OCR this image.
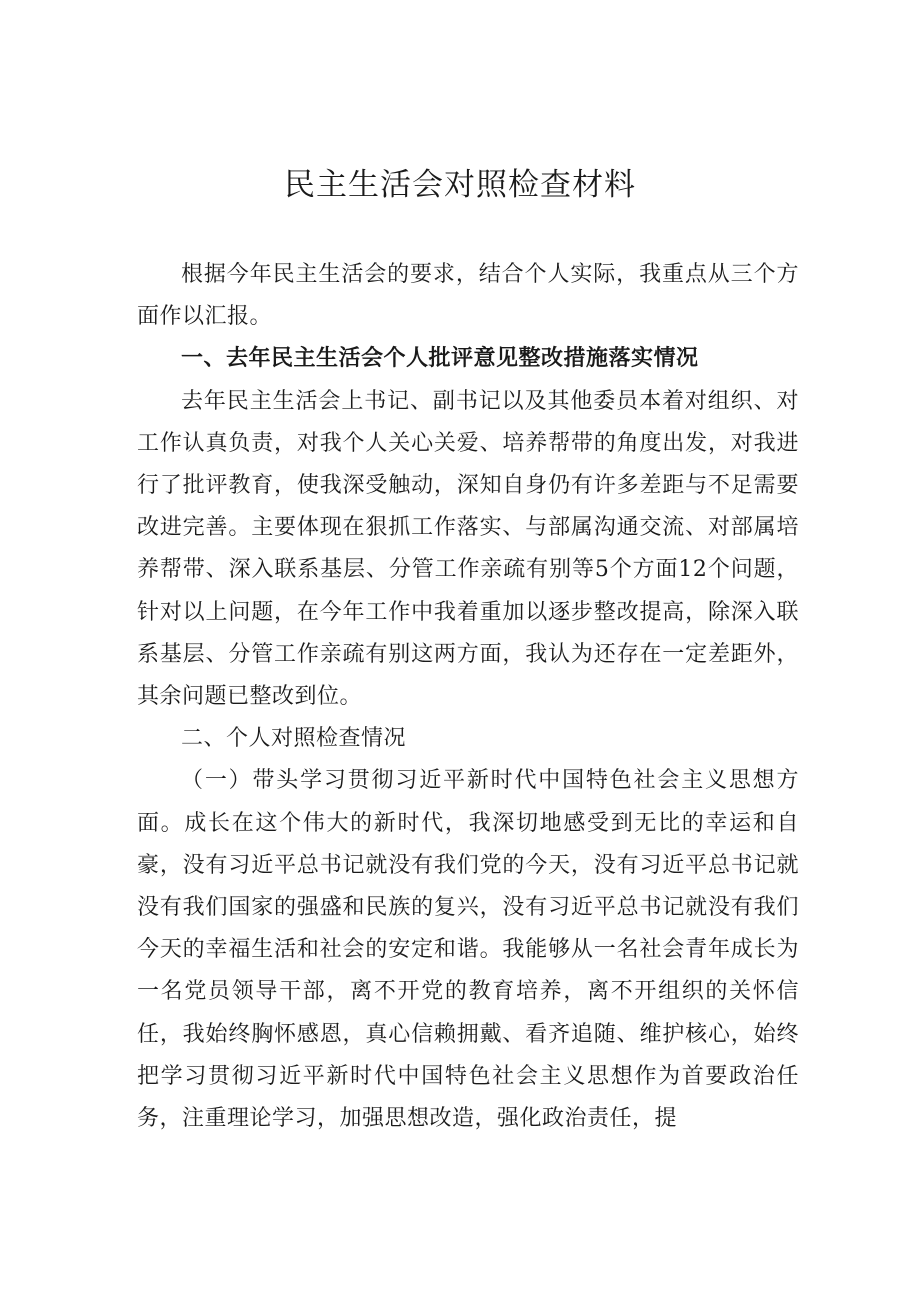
民主生活会对照检查材料

根据今年民主生活会的要求，结合个人实际，我重点从三个方面作以汇报。

一、去年民主生活会个人批评意见整改措施落实情况

去年民主生活会上书记、副书记以及其他委员本着对组织、对工作认真负责，对我个人关心关爱、培养帮带的角度出发，对我进行了批评教育，使我深受触动，深知自身仍有许多差距与不足需要改进完善。主要体现在狠抓工作落实、与部属沟通交流、对部属培养帮带、深入联系基层、分管工作亲疏有别等5个方面12个问题，针对以上问题，在今年工作中我着重加以逐步整改提高，除深入联系基层、分管工作亲疏有别这两方面，我认为还存在一定差距外，其余问题已整改到位。

二、个人对照检查情况

（一）带头学习贯彻习近平新时代中国特色社会主义思想方面。成长在这个伟大的新时代，我深切地感受到无比的幸运和自豪，没有习近平总书记就没有我们党的今天，没有习近平总书记就没有我们国家的强盛和民族的复兴，没有习近平总书记就没有我们今天的幸福生活和社会的安定和谐。我能够从一名社会青年成长为一名党员领导干部，离不开党的教育培养，离不开组织的关怀信任，我始终胸怀感恩，真心信赖拥戴、看齐追随、维护核心，始终把学习贯彻习近平新时代中国特色社会主义思想作为首要政治任务，注重理论学习，加强思想改造，强化政治责任，提
